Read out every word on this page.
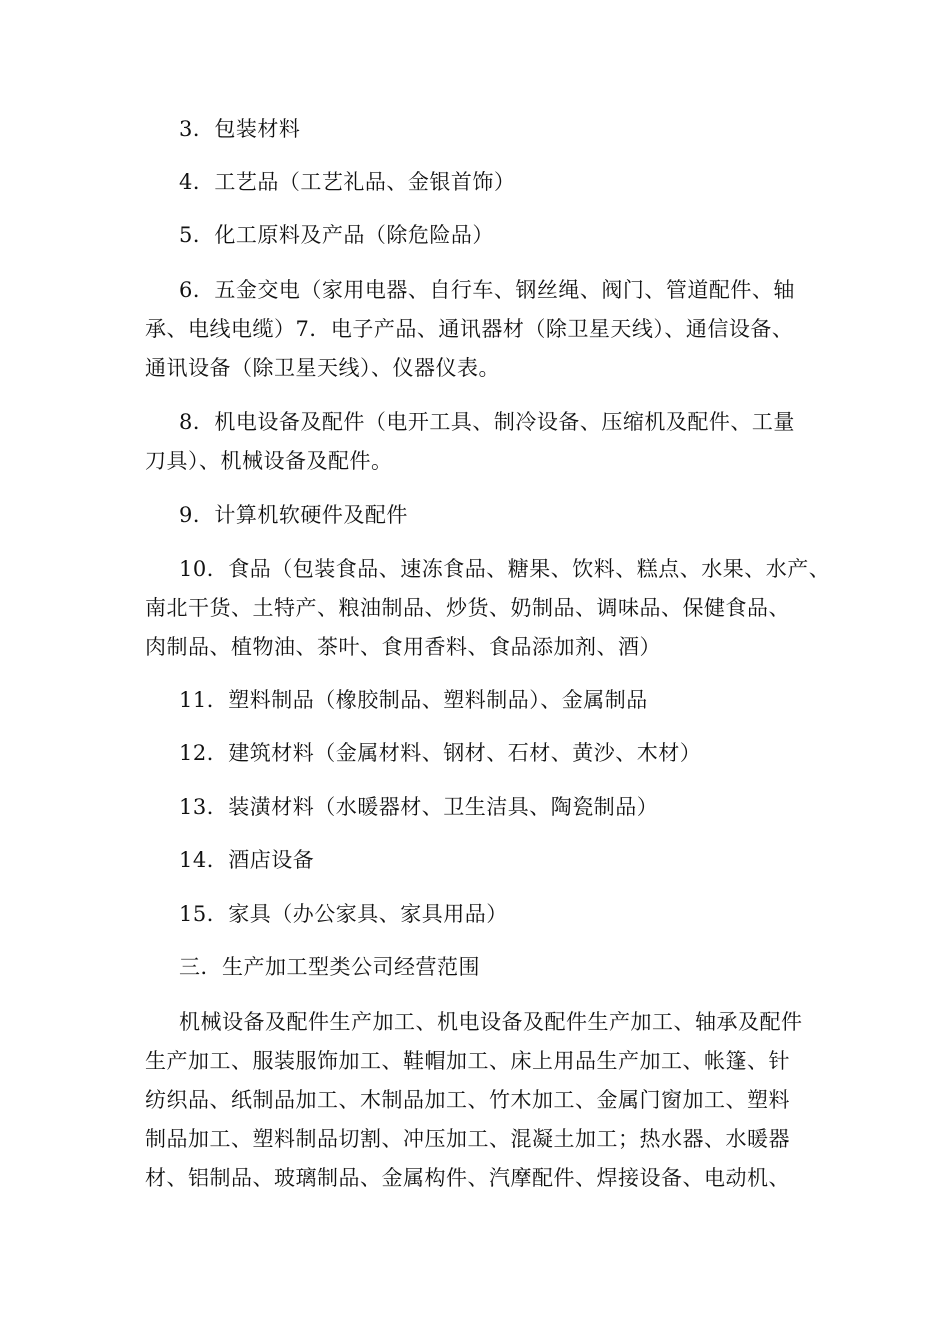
3．包装材料
4．工艺品（工艺礼品、金银首饰）
5．化工原料及产品（除危险品）
6．五金交电（家用电器、自行车、钢丝绳、阀门、管道配件、轴
承、电线电缆）7．电子产品、通讯器材（除卫星天线）、通信设备、
通讯设备（除卫星天线）、仪器仪表。
8．机电设备及配件（电开工具、制冷设备、压缩机及配件、工量
刀具）、机械设备及配件。
9．计算机软硬件及配件
10．食品（包装食品、速冻食品、糖果、饮料、糕点、水果、水产、
南北干货、土特产、粮油制品、炒货、奶制品、调味品、保健食品、
肉制品、植物油、茶叶、食用香料、食品添加剂、酒）
11．塑料制品（橡胶制品、塑料制品）、金属制品
12．建筑材料（金属材料、钢材、石材、黄沙、木材）
13．装潢材料（水暖器材、卫生洁具、陶瓷制品）
14．酒店设备
15．家具（办公家具、家具用品）
三．生产加工型类公司经营范围
机械设备及配件生产加工、机电设备及配件生产加工、轴承及配件
生产加工、服装服饰加工、鞋帽加工、床上用品生产加工、帐篷、针
纺织品、纸制品加工、木制品加工、竹木加工、金属门窗加工、塑料
制品加工、塑料制品切割、冲压加工、混凝土加工；热水器、水暖器
材、铝制品、玻璃制品、金属构件、汽摩配件、焊接设备、电动机、
